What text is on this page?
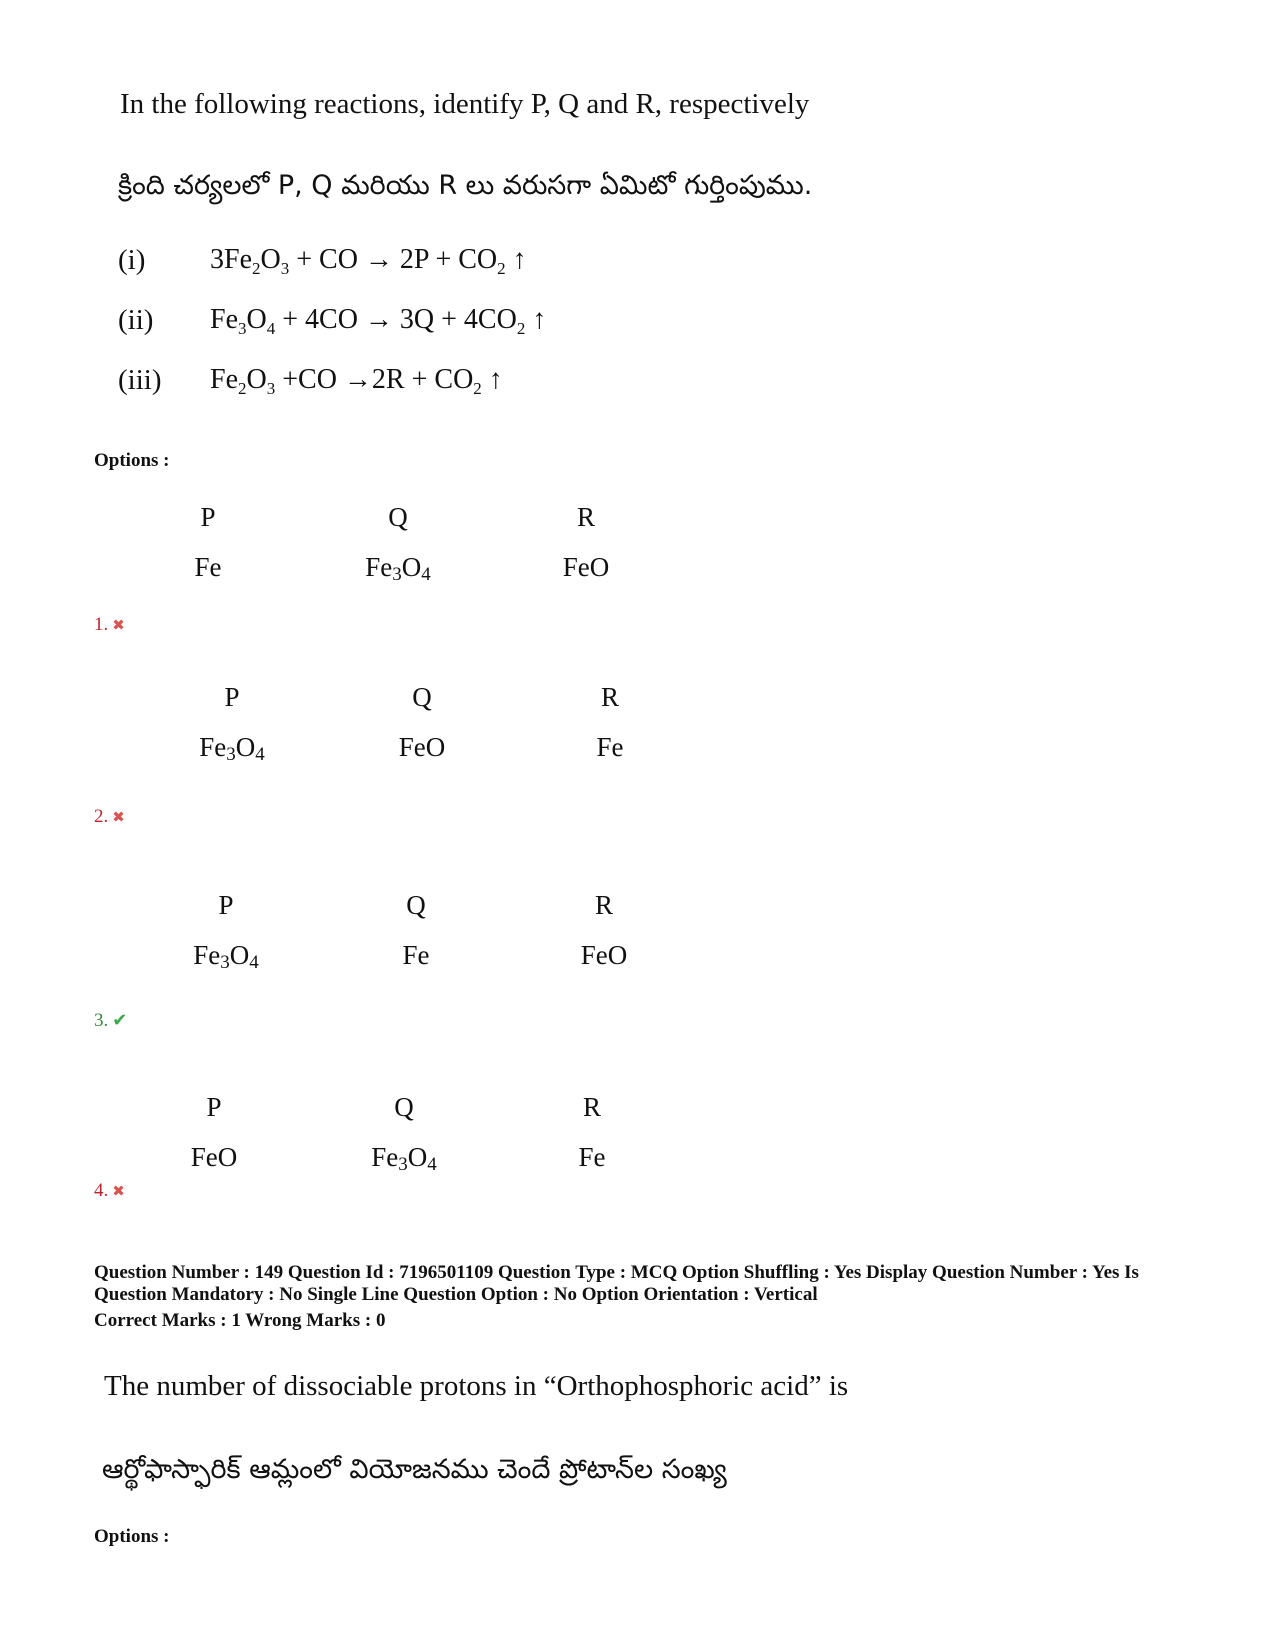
In the following reactions, identify P, Q and R, respectively
క్రింది చర్యలలో P, Q మరియు R లు వరుసగా ఏమిటో గుర్తింపుము.
(i) $3Fe_2O_3$ + CO → $2P + CO_2$ ↑
(ii) $Fe_3O_4 + 4CO \to 3Q + 4CO_2$ ↑
(iii) $Fe_2O_3 +CO \to 2R + CO_2$ ↑
Options :
P	Q	R
Fe	$Fe_3O_4$	FeO
1. ✖
P	Q	R
$Fe_3O_4$	FeO	Fe
2. ✖
P	Q	R
$Fe_3O_4$	Fe	FeO
3. ✔
P	Q	R
FeO	$Fe_3O_4$	Fe
4. ✖
Question Number : 149 Question Id : 7196501109 Question Type : MCQ Option Shuffling : Yes Display Question Number : Yes Is
Question Mandatory : No Single Line Question Option : No Option Orientation : Vertical
Correct Marks : 1 Wrong Marks : 0
The number of dissociable protons in “Orthophosphoric acid” is
ఆర్థోఫాస్ఫారిక్ ఆమ్లంలో వియోజనము చెందే ప్రోటాన్‌ల సంఖ్య
Options :
